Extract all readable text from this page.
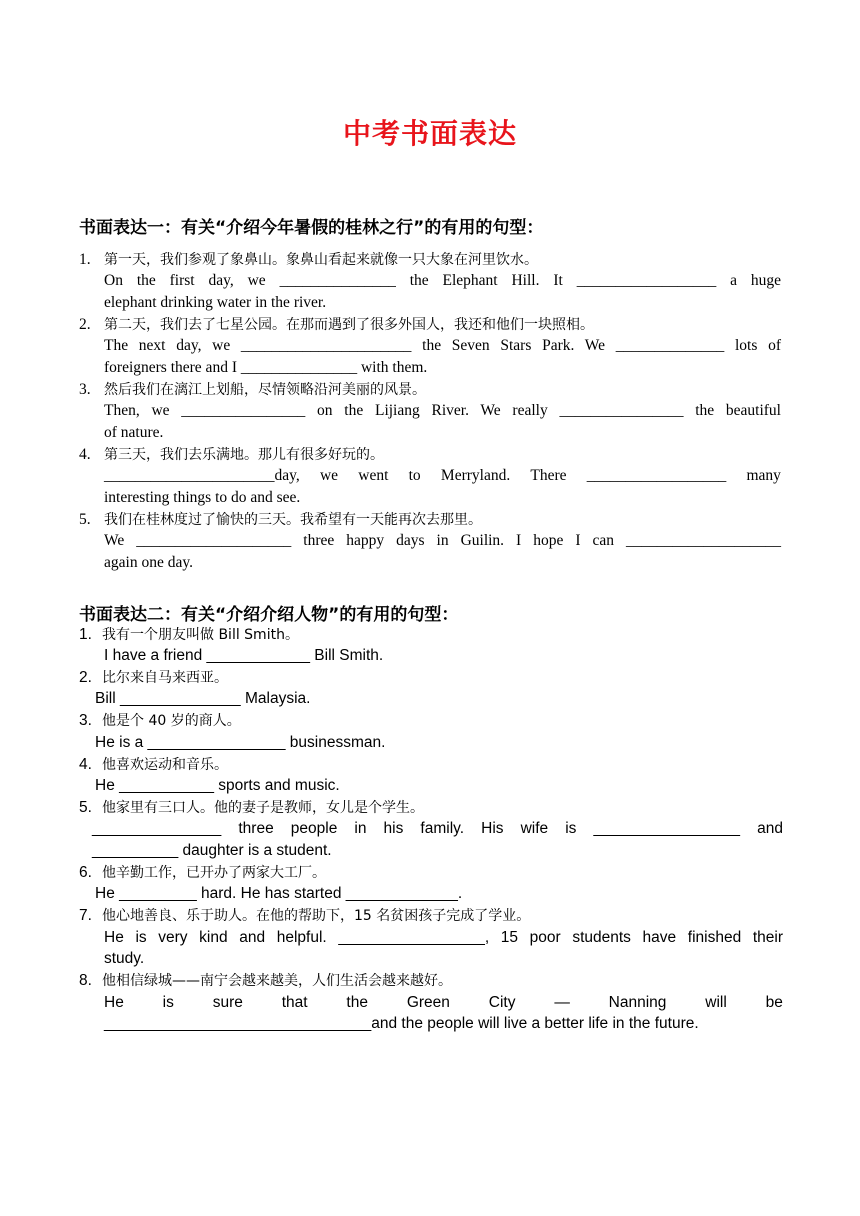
中考书面表达
书面表达一：有关“介绍今年暑假的桂林之行”的有用的句型：
1. 第一天，我们参观了象鼻山。象鼻山看起来就像一只大象在河里饮水。
On the first day, we _______________ the Elephant Hill. It __________________ a huge
elephant drinking water in the river.
2. 第二天，我们去了七星公园。在那而遇到了很多外国人，我还和他们一块照相。
The next day, we ______________________ the Seven Stars Park. We ______________ lots of
foreigners there and I _______________ with them.
3. 然后我们在漓江上划船，尽情领略沿河美丽的风景。
Then, we ________________ on the Lijiang River. We really ________________ the beautiful
of nature.
4. 第三天，我们去乐满地。那儿有很多好玩的。
______________________day, we went to Merryland. There __________________ many
interesting things to do and see.
5. 我们在桂林度过了愉快的三天。我希望有一天能再次去那里。
We ____________________ three happy days in Guilin. I hope I can ____________________
again one day.
书面表达二：有关“介绍介绍人物”的有用的句型：
1. 我有一个朋友叫做 Bill Smith。
I have a friend ____________ Bill Smith.
2. 比尔来自马来西亚。
Bill ______________ Malaysia.
3. 他是个 40 岁的商人。
He is a ________________ businessman.
4. 他喜欢运动和音乐。
He ___________ sports and music.
5. 他家里有三口人。他的妻子是教师，女儿是个学生。
_______________ three people in his family. His wife is _________________ and
__________ daughter is a student.
6. 他辛勤工作，已开办了两家大工厂。
He _________ hard. He has started _____________.
7. 他心地善良、乐于助人。在他的帮助下，15 名贫困孩子完成了学业。
He is very kind and helpful. _________________, 15 poor students have finished their
study.
8. 他相信绿城——南宁会越来越美，人们生活会越来越好。
He	is	sure	that	the	Green	City	—	Nanning	will	be
_______________________________and the people will live a better life in the future.
